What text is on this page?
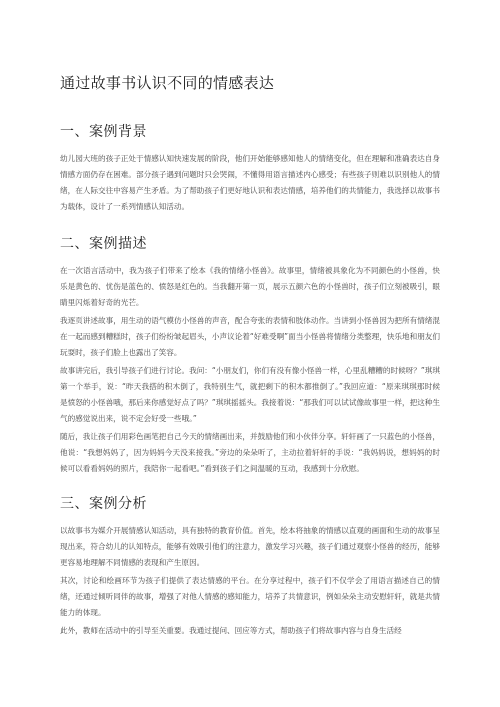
通过故事书认识不同的情感表达
一、案例背景

幼儿园大班的孩子正处于情感认知快速发展的阶段，他们开始能够感知他人的情绪变化，但在理解和准确表达自身情感方面仍存在困难。部分孩子遇到问题时只会哭闹，不懂得用语言描述内心感受；有些孩子则难以识别他人的情绪，在人际交往中容易产生矛盾。为了帮助孩子们更好地认识和表达情感，培养他们的共情能力，我选择以故事书为载体，设计了一系列情感认知活动。

二、案例描述

在一次语言活动中，我为孩子们带来了绘本《我的情绪小怪兽》。故事里，情绪被具象化为不同颜色的小怪兽，快乐是黄色的、忧伤是蓝色的、愤怒是红色的。当我翻开第一页，展示五颜六色的小怪兽时，孩子们立刻被吸引，眼睛里闪烁着好奇的光芒。

我逐页讲述故事，用生动的语气模仿小怪兽的声音，配合夸张的表情和肢体动作。当讲到小怪兽因为把所有情绪混在一起而感到糟糕时，孩子们纷纷皱起眉头，小声议论着“好难受啊”面当小怪兽将情绪分类整理，快乐地和朋友们玩耍时，孩子们脸上也露出了笑容。

故事讲完后，我引导孩子们进行讨论。我问：“小朋友们，你们有没有像小怪兽一样，心里乱糟糟的时候呀？”琪琪第一个举手，说：“昨天我搭的积木倒了，我特别生气，就把剩下的积木都推倒了。”我回应道：“原来琪琪那时候是愤怒的小怪兽哦，那后来你感觉好点了吗？”琪琪摇摇头。我接着说：“那我们可以试试像故事里一样，把这种生气的感觉说出来，说不定会好受一些哦。”

随后，我让孩子们用彩色画笔把自己今天的情绪画出来，并鼓励他们和小伙伴分享。轩轩画了一只蓝色的小怪兽，他说：“我想妈妈了，因为妈妈今天没来接我。”旁边的朵朵听了，主动拉着轩轩的手说：“我妈妈说，想妈妈的时候可以看看妈妈的照片，我陪你一起看吧。”看到孩子们之间温暖的互动，我感到十分欣慰。

三、案例分析

以故事书为媒介开展情感认知活动，具有独特的教育价值。首先，绘本将抽象的情感以直观的画面和生动的故事呈现出来，符合幼儿的认知特点，能够有效吸引他们的注意力，激发学习兴趣，孩子们通过观察小怪兽的经历，能够更容易地理解不同情感的表现和产生原因。

其次，讨论和绘画环节为孩子们提供了表达情感的平台。在分享过程中，孩子们不仅学会了用语言描述自己的情绪，还通过倾听同伴的故事，增强了对他人情感的感知能力，培养了共情意识，例如朵朵主动安慰轩轩，就是共情能力的体现。

此外，教师在活动中的引导至关重要。我通过提问、回应等方式，帮助孩子们将故事内容与自身生活经
